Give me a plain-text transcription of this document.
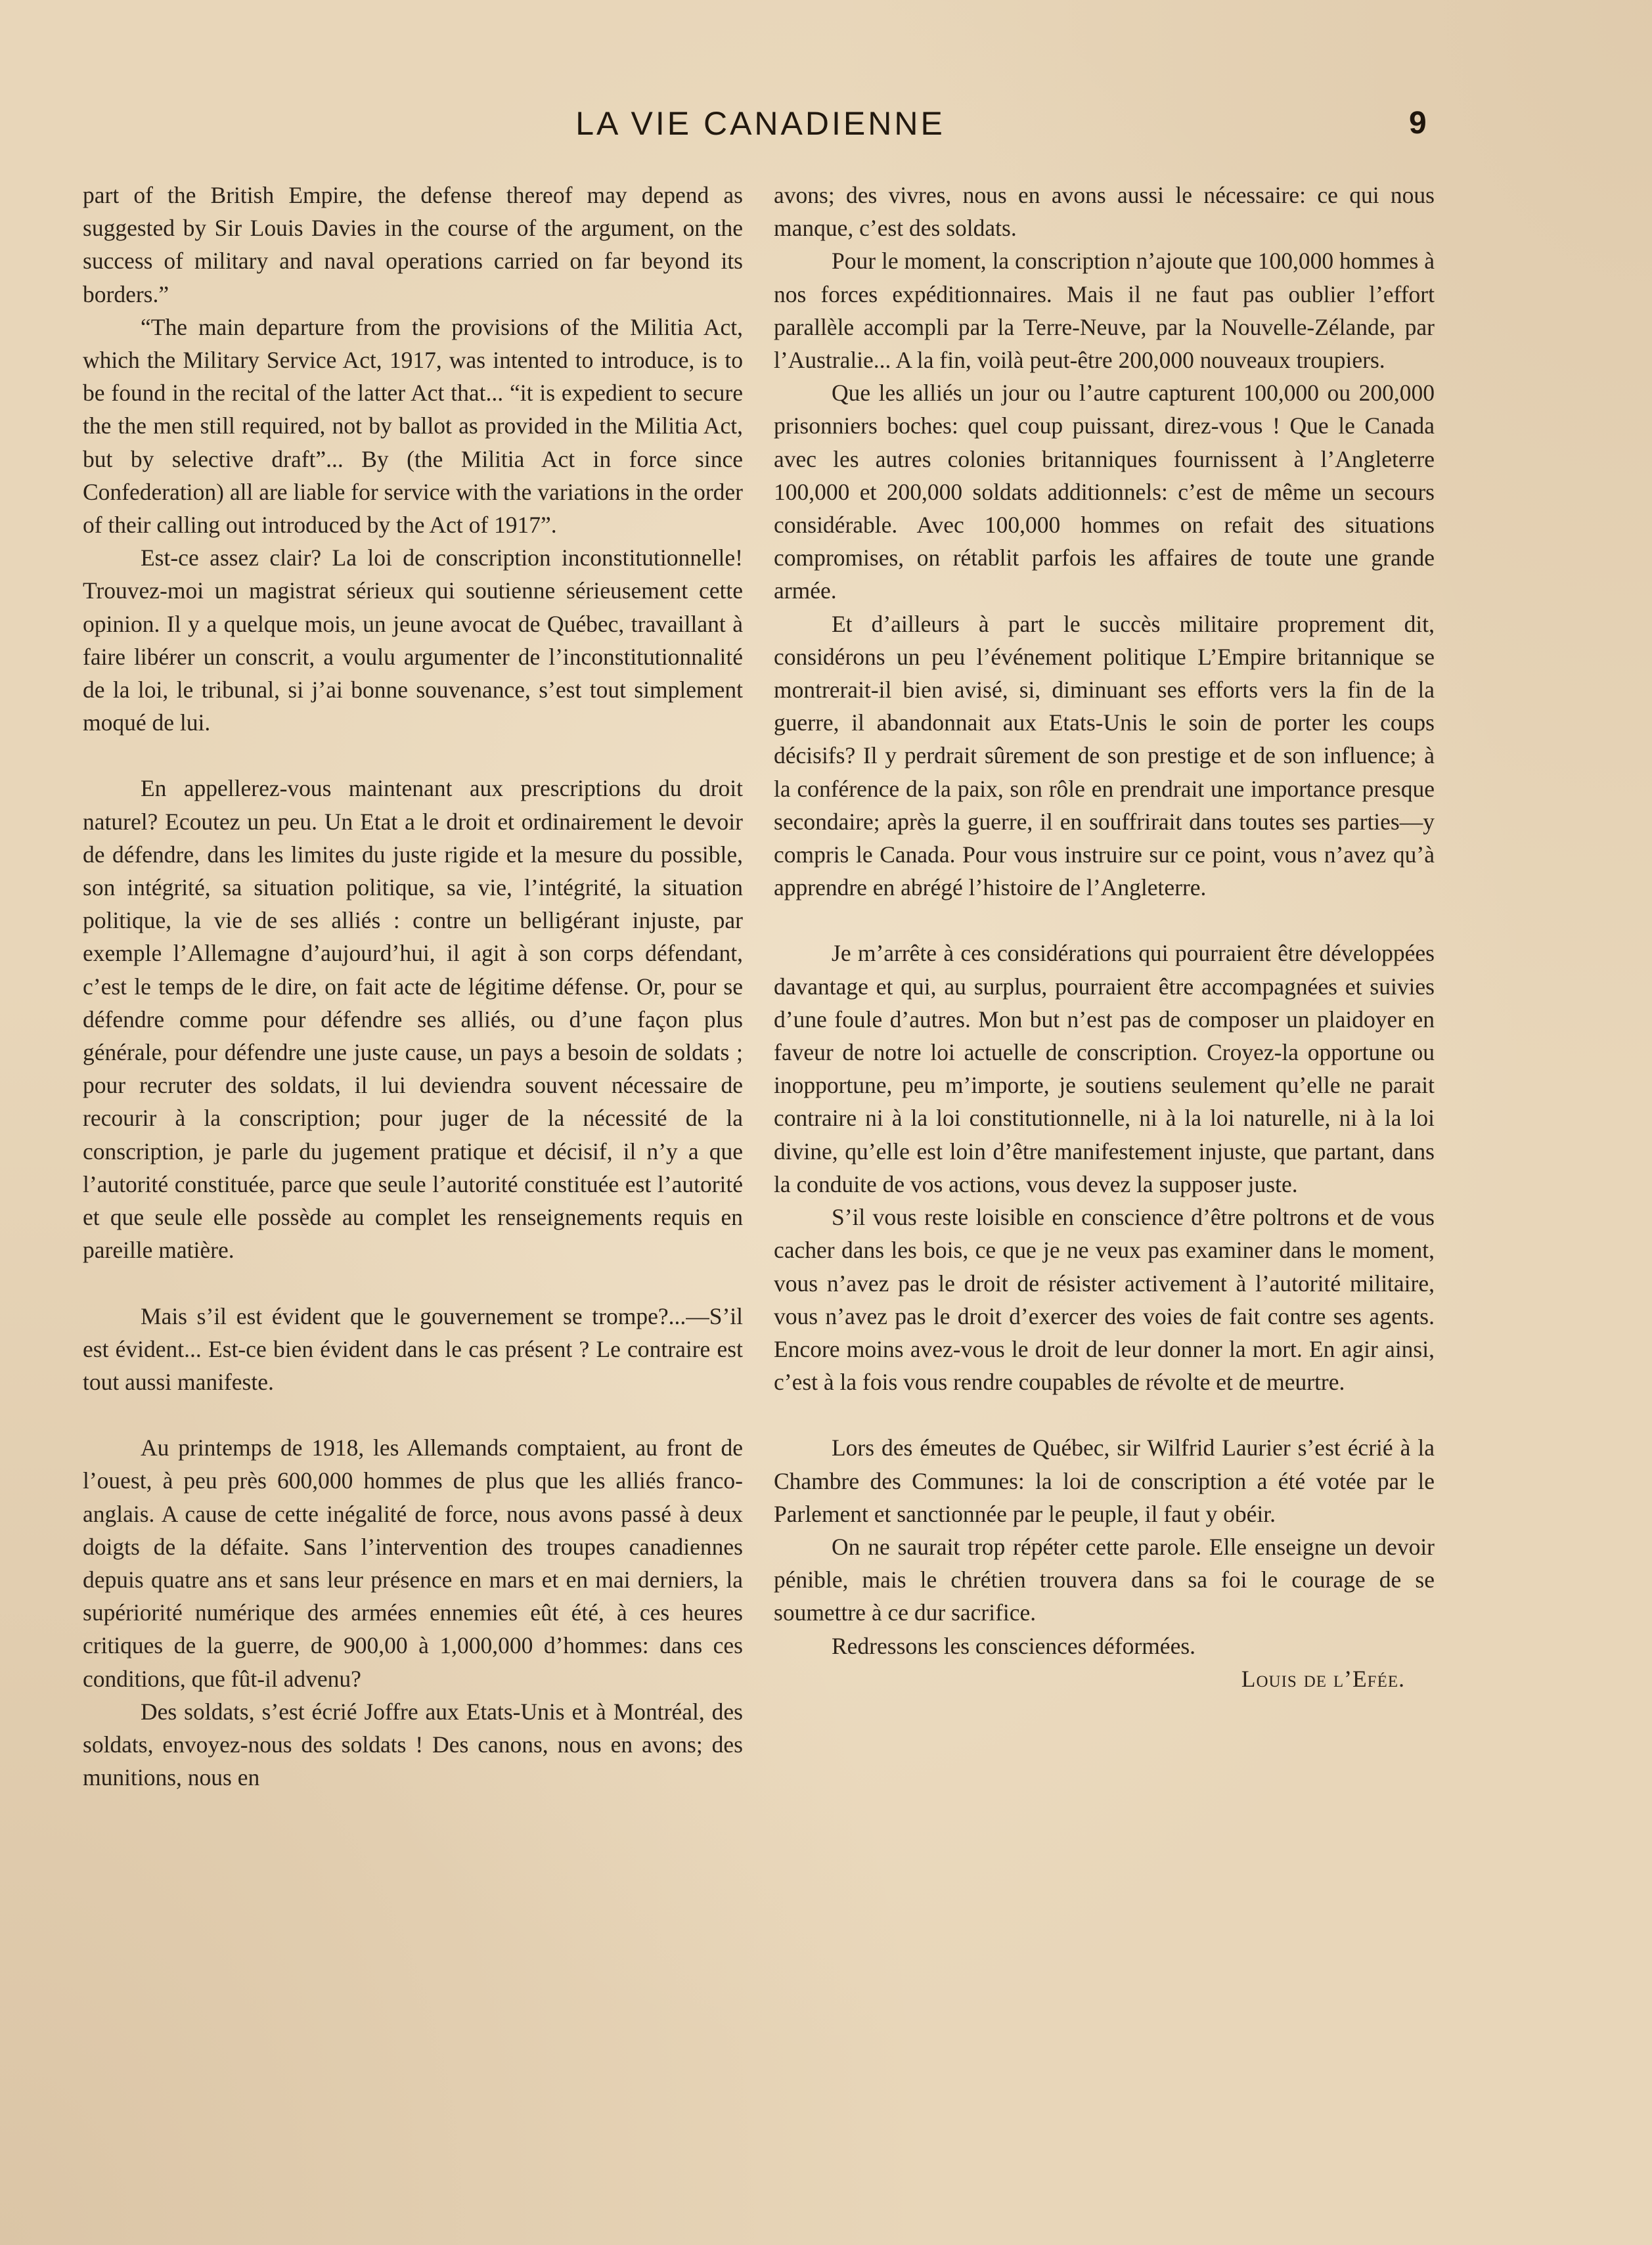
LA VIE CANADIENNE	9

part of the British Empire, the defense thereof may depend as suggested by Sir Louis Davies in the course of the argument, on the success of military and naval operations carried on far beyond its borders.”

“The main departure from the provisions of the Militia Act, which the Military Service Act, 1917, was intented to introduce, is to be found in the recital of the latter Act that... “it is expedient to secure the the men still required, not by ballot as provided in the Militia Act, but by selective draft”... By (the Militia Act in force since Confederation) all are liable for service with the variations in the order of their calling out introduced by the Act of 1917”.

Est-ce assez clair? La loi de conscription inconstitutionnelle! Trouvez-moi un magistrat sérieux qui soutienne sérieusement cette opinion. Il y a quelque mois, un jeune avocat de Québec, travaillant à faire libérer un conscrit, a voulu argumenter de l’inconstitutionnalité de la loi, le tribunal, si j’ai bonne souvenance, s’est tout simplement moqué de lui.

En appellerez-vous maintenant aux prescriptions du droit naturel? Ecoutez un peu. Un Etat a le droit et ordinairement le devoir de défendre, dans les limites du juste rigide et la mesure du possible, son intégrité, sa situation politique, sa vie, l’intégrité, la situation politique, la vie de ses alliés : contre un belligérant injuste, par exemple l’Allemagne d’aujourd’hui, il agit à son corps défendant, c’est le temps de le dire, on fait acte de légitime défense. Or, pour se défendre comme pour défendre ses alliés, ou d’une façon plus générale, pour défendre une juste cause, un pays a besoin de soldats ; pour recruter des soldats, il lui deviendra souvent nécessaire de recourir à la conscription; pour juger de la nécessité de la conscription, je parle du jugement pratique et décisif, il n’y a que l’autorité constituée, parce que seule l’autorité constituée est l’autorité et que seule elle possède au complet les renseignements requis en pareille matière.

Mais s’il est évident que le gouvernement se trompe?...—S’il est évident... Est-ce bien évident dans le cas présent ? Le contraire est tout aussi manifeste.

Au printemps de 1918, les Allemands comptaient, au front de l’ouest, à peu près 600,000 hommes de plus que les alliés franco-anglais. A cause de cette inégalité de force, nous avons passé à deux doigts de la défaite. Sans l’intervention des troupes canadiennes depuis quatre ans et sans leur présence en mars et en mai derniers, la supériorité numérique des armées ennemies eût été, à ces heures critiques de la guerre, de 900,00 à 1,000,000 d’hommes: dans ces conditions, que fût-il advenu?

Des soldats, s’est écrié Joffre aux Etats-Unis et à Montréal, des soldats, envoyez-nous des soldats ! Des canons, nous en avons; des munitions, nous en

avons; des vivres, nous en avons aussi le nécessaire: ce qui nous manque, c’est des soldats.

Pour le moment, la conscription n’ajoute que 100,000 hommes à nos forces expéditionnaires. Mais il ne faut pas oublier l’effort parallèle accompli par la Terre-Neuve, par la Nouvelle-Zélande, par l’Australie... A la fin, voilà peut-être 200,000 nouveaux troupiers.

Que les alliés un jour ou l’autre capturent 100,000 ou 200,000 prisonniers boches: quel coup puissant, direz-vous ! Que le Canada avec les autres colonies britanniques fournissent à l’Angleterre 100,000 et 200,000 soldats additionnels: c’est de même un secours considérable. Avec 100,000 hommes on refait des situations compromises, on rétablit parfois les affaires de toute une grande armée.

Et d’ailleurs à part le succès militaire proprement dit, considérons un peu l’événement politique L’Empire britannique se montrerait-il bien avisé, si, diminuant ses efforts vers la fin de la guerre, il abandonnait aux Etats-Unis le soin de porter les coups décisifs? Il y perdrait sûrement de son prestige et de son influence; à la conférence de la paix, son rôle en prendrait une importance presque secondaire; après la guerre, il en souffrirait dans toutes ses parties—y compris le Canada. Pour vous instruire sur ce point, vous n’avez qu’à apprendre en abrégé l’histoire de l’Angleterre.

Je m’arrête à ces considérations qui pourraient être développées davantage et qui, au surplus, pourraient être accompagnées et suivies d’une foule d’autres. Mon but n’est pas de composer un plaidoyer en faveur de notre loi actuelle de conscription. Croyez-la opportune ou inopportune, peu m’importe, je soutiens seulement qu’elle ne parait contraire ni à la loi constitutionnelle, ni à la loi naturelle, ni à la loi divine, qu’elle est loin d’être manifestement injuste, que partant, dans la conduite de vos actions, vous devez la supposer juste.

S’il vous reste loisible en conscience d’être poltrons et de vous cacher dans les bois, ce que je ne veux pas examiner dans le moment, vous n’avez pas le droit de résister activement à l’autorité militaire, vous n’avez pas le droit d’exercer des voies de fait contre ses agents. Encore moins avez-vous le droit de leur donner la mort. En agir ainsi, c’est à la fois vous rendre coupables de révolte et de meurtre.

Lors des émeutes de Québec, sir Wilfrid Laurier s’est écrié à la Chambre des Communes: la loi de conscription a été votée par le Parlement et sanctionnée par le peuple, il faut y obéir.

On ne saurait trop répéter cette parole. Elle enseigne un devoir pénible, mais le chrétien trouvera dans sa foi le courage de se soumettre à ce dur sacrifice.

Redressons les consciences déformées.

Louis de l’Efée.
